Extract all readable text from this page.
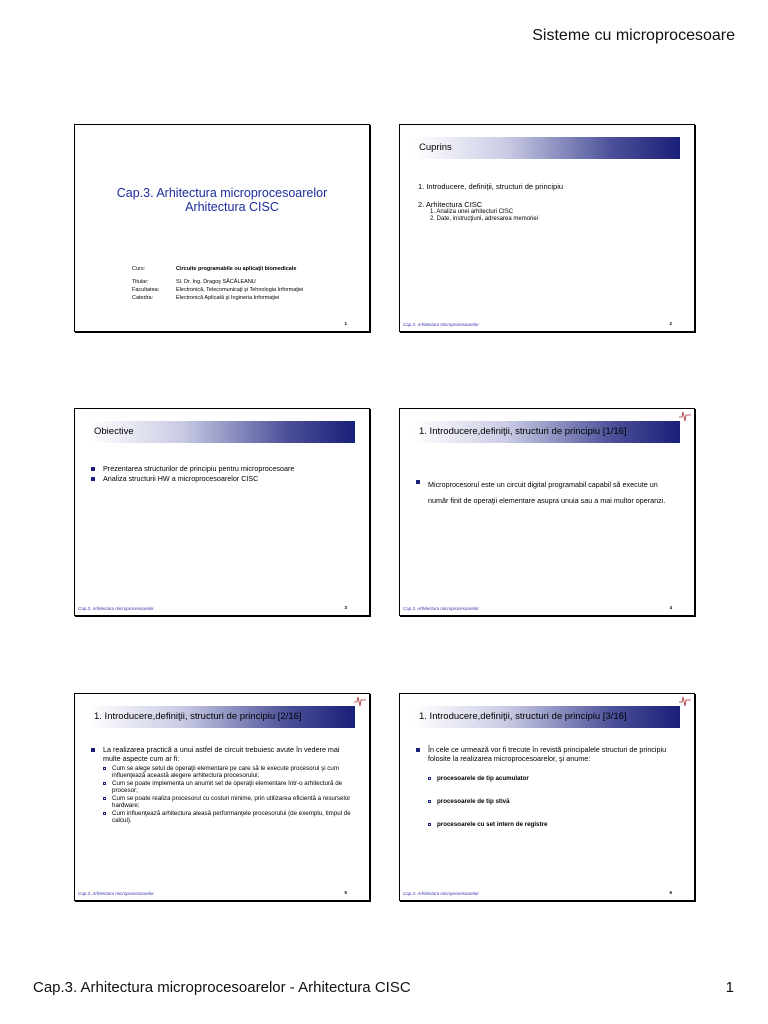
Sisteme cu microprocesoare
Cap.3. Arhitectura microprocesoarelor
Arhitectura CISC
Curs:	Circuite programabile ou aplicaţii biomedicale
Titular:	Sl. Dr. Ing. Dragoş SĂCĂLEANU
Facultatea:	Electronică, Telecomunicaţi şi Tehnologia Informaţiei
Catedra:	Electronică Aplicată şi Ingineria Informaţiei
1
Cuprins
1. Introducere, definiţii, structuri de principiu
2. Arhitectura CISC
1. Analiza unei arhitecturi CISC
2. Date, instrucţiuni, adresarea memoriei
Cap.3. Arhitectura microprocesoarelor	2
Obiective
Prezentarea structurilor de principiu pentru microprocesoare
Analiza structurii HW a microprocesoarelor CISC
Cap.3. Arhitectura microprocesoarelor	3
1. Introducere,definiţii, structuri de principiu [1/16]
Microprocesorul este un circuit digital programabil capabil să execute un număr finit de operaţii elementare asupra unuia sau a mai multor operanzi.
Cap.3. Arhitectura microprocesoarelor	4
1. Introducere,definiţii, structuri de principiu [2/16]
La realizarea practică a unui astfel de circuit trebuiesc avute în vedere mai multe aspecte cum ar fi:
Cum se alege setul de operaţii elementare pe care să le execute procesorul şi cum influenţează această alegere arhitectura procesorului;
Cum se poate implementa un anumit set de operaţii elementare într-o arhitectură de procesor;
Cum se poate realiza procesorul cu costuri minime, prin utilizarea eficientă a resurselor hardware;
Cum influenţează arhitectura aleasă performanţele procesorului (de exemplu, timpul de calcul).
Cap.3. Arhitectura microprocesoarelor	5
1. Introducere,definiţii, structuri de principiu [3/16]
În cele ce urmează vor fi trecute în revistă principalele structuri de principiu folosite la realizarea microprocesoarelor, şi anume:
procesoarele de tip acumulator
procesoarele de tip stivă
procesoarele cu set intern de registre
Cap.3. Arhitectura microprocesoarelor	6
Cap.3. Arhitectura microprocesoarelor - Arhitectura CISC	1
